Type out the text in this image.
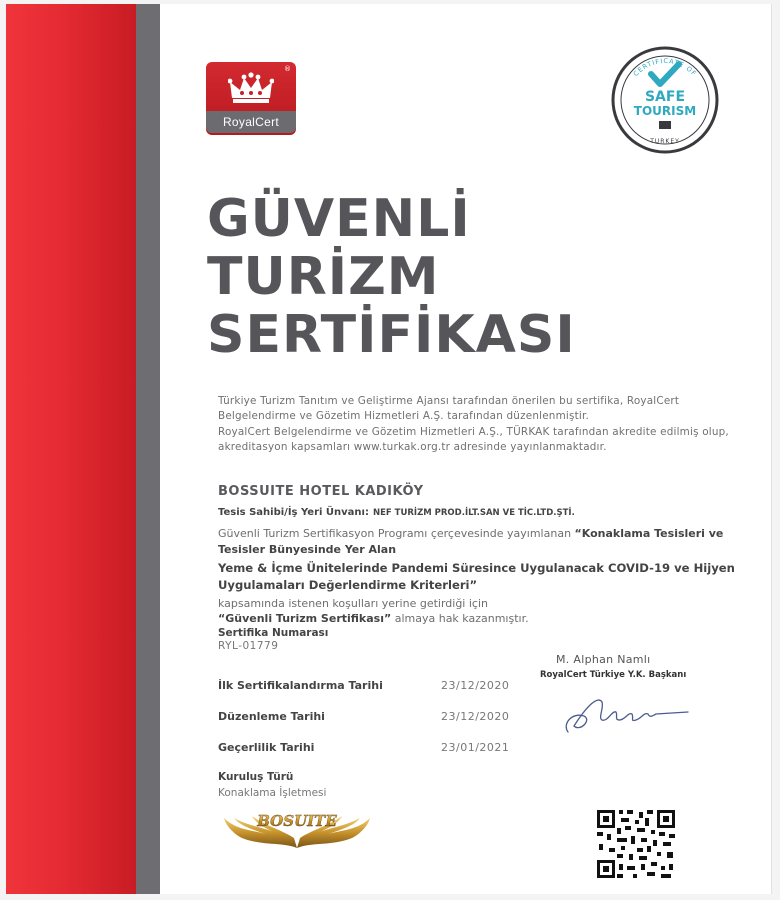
®
RoyalCert
CERTIFICATE OF
SAFE
TOURISM
TURKEY
GÜVENLİ
TURİZM
SERTİFİKASI
Türkiye Turizm Tanıtım ve Geliştirme Ajansı tarafından önerilen bu sertifika, RoyalCert Belgelendirme ve Gözetim Hizmetleri A.Ş. tarafından düzenlenmiştir.
RoyalCert Belgelendirme ve Gözetim Hizmetleri A.Ş., TÜRKAK tarafından akredite edilmiş olup, akreditasyon kapsamları www.turkak.org.tr adresinde yayınlanmaktadır.
BOSSUITE HOTEL KADIKÖY
Tesis Sahibi/İş Yeri Ünvanı: NEF TURİZM PROD.İLT.SAN VE TİC.LTD.ŞTİ.
Güvenli Turizm Sertifikasyon Programı çerçevesinde yayımlanan “Konaklama Tesisleri ve Tesisler Bünyesinde Yer Alan
Yeme & İçme Ünitelerinde Pandemi Süresince Uygulanacak COVID-19 ve Hijyen Uygulamaları Değerlendirme Kriterleri”
kapsamında istenen koşulları yerine getirdiği için
“Güvenli Turizm Sertifikası” almaya hak kazanmıştır.
Sertifika Numarası
RYL-01779
M. Alphan Namlı
RoyalCert Türkiye Y.K. Başkanı
İlk Sertifikalandırma Tarihi	23/12/2020
Düzenleme Tarihi	23/12/2020
Geçerlilik Tarihi	23/01/2021
Kuruluş Türü
Konaklama İşletmesi
BOSUITE
